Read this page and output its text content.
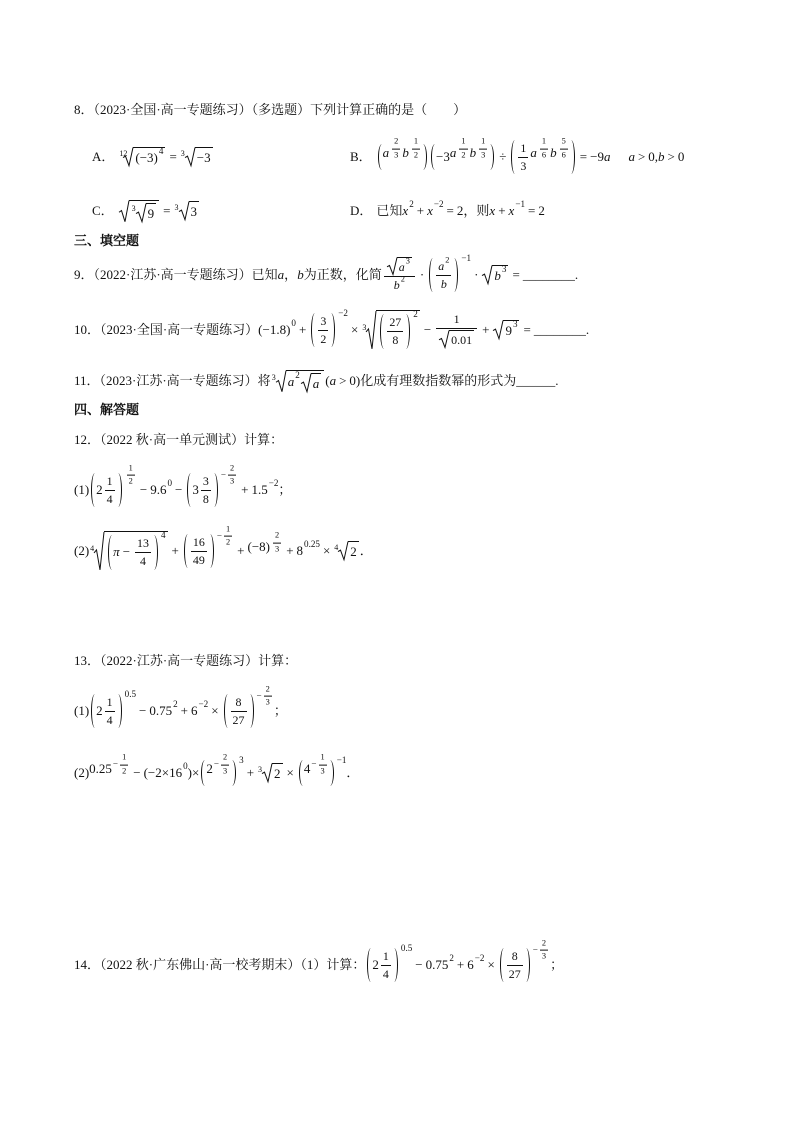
8．（2023·全国·高一专题练习）（多选题）下列计算正确的是（　　）
A． 12 (−3) 4 = 3 −3	B． a $\frac{2}{3}$ b $\frac{1}{2} -3$ a $\frac{1}{2}$ b $\frac{1}{3} \div \frac{1}{3}$ a $\frac{1}{6}$ b $\frac{5}{6} = -9$ a a > 0, b > 0
C． 3 9 = 3 3	D． 已知 x 2 + x −2 = 2 ，则 x + x −1 = 2
三、填空题
9．（2022·江苏·高一专题练习）已知 a ， b 为正数，化简 $\frac{a 3}{b 2} \cdot \frac{a 2}{b}$
−1
· b 3 = ________ .
10．（2023·全国·高一专题练习） (−1.8) $0 + \frac{3}{2}$
−2
× $3 \frac{27}{8}$
2
− $\frac{1}{0.01} + 9$ 3 = ________ .
11．（2023·江苏·高一专题练习）将 3 a 2
a ( a > 0) 化成有理数指数幂的形式为 ______ .
四、解答题
12．（2022 秋·高一单元测试）计算：
(1) $2 \frac{1}{4} \frac{1}{2}$
− 9.6 $0 - 3 \frac{3}{8} - \frac{2}{3}$
+ 1.5 −2 ；
(2) 4 $\pi - \frac{13}{4}$
4
+ $\frac{16}{49} - \frac{1}{2}$
+ $(-8) \frac{2}{3} + 8$ 0.25 × 4 2 ．
13．（2022·江苏·高一专题练习）计算：
(1) $2 \frac{1}{4}$
0.5
− 0.75 $2 + 6 -2 \times \frac{8}{27} - \frac{2}{3}$
；
(2) $0.25 - \frac{1}{2} - (-2\times 16$ 0 )× $2 - \frac{2}{3} 3$
+ 3 $2 \times 4 - \frac{1}{3} -1$
．
14．（2022 秋·广东佛山·高一校考期末）（1）计算： $2 \frac{1}{4}$
0.5
− 0.75 $2 + 6 -2 \times \frac{8}{27} - \frac{2}{3}$
；
